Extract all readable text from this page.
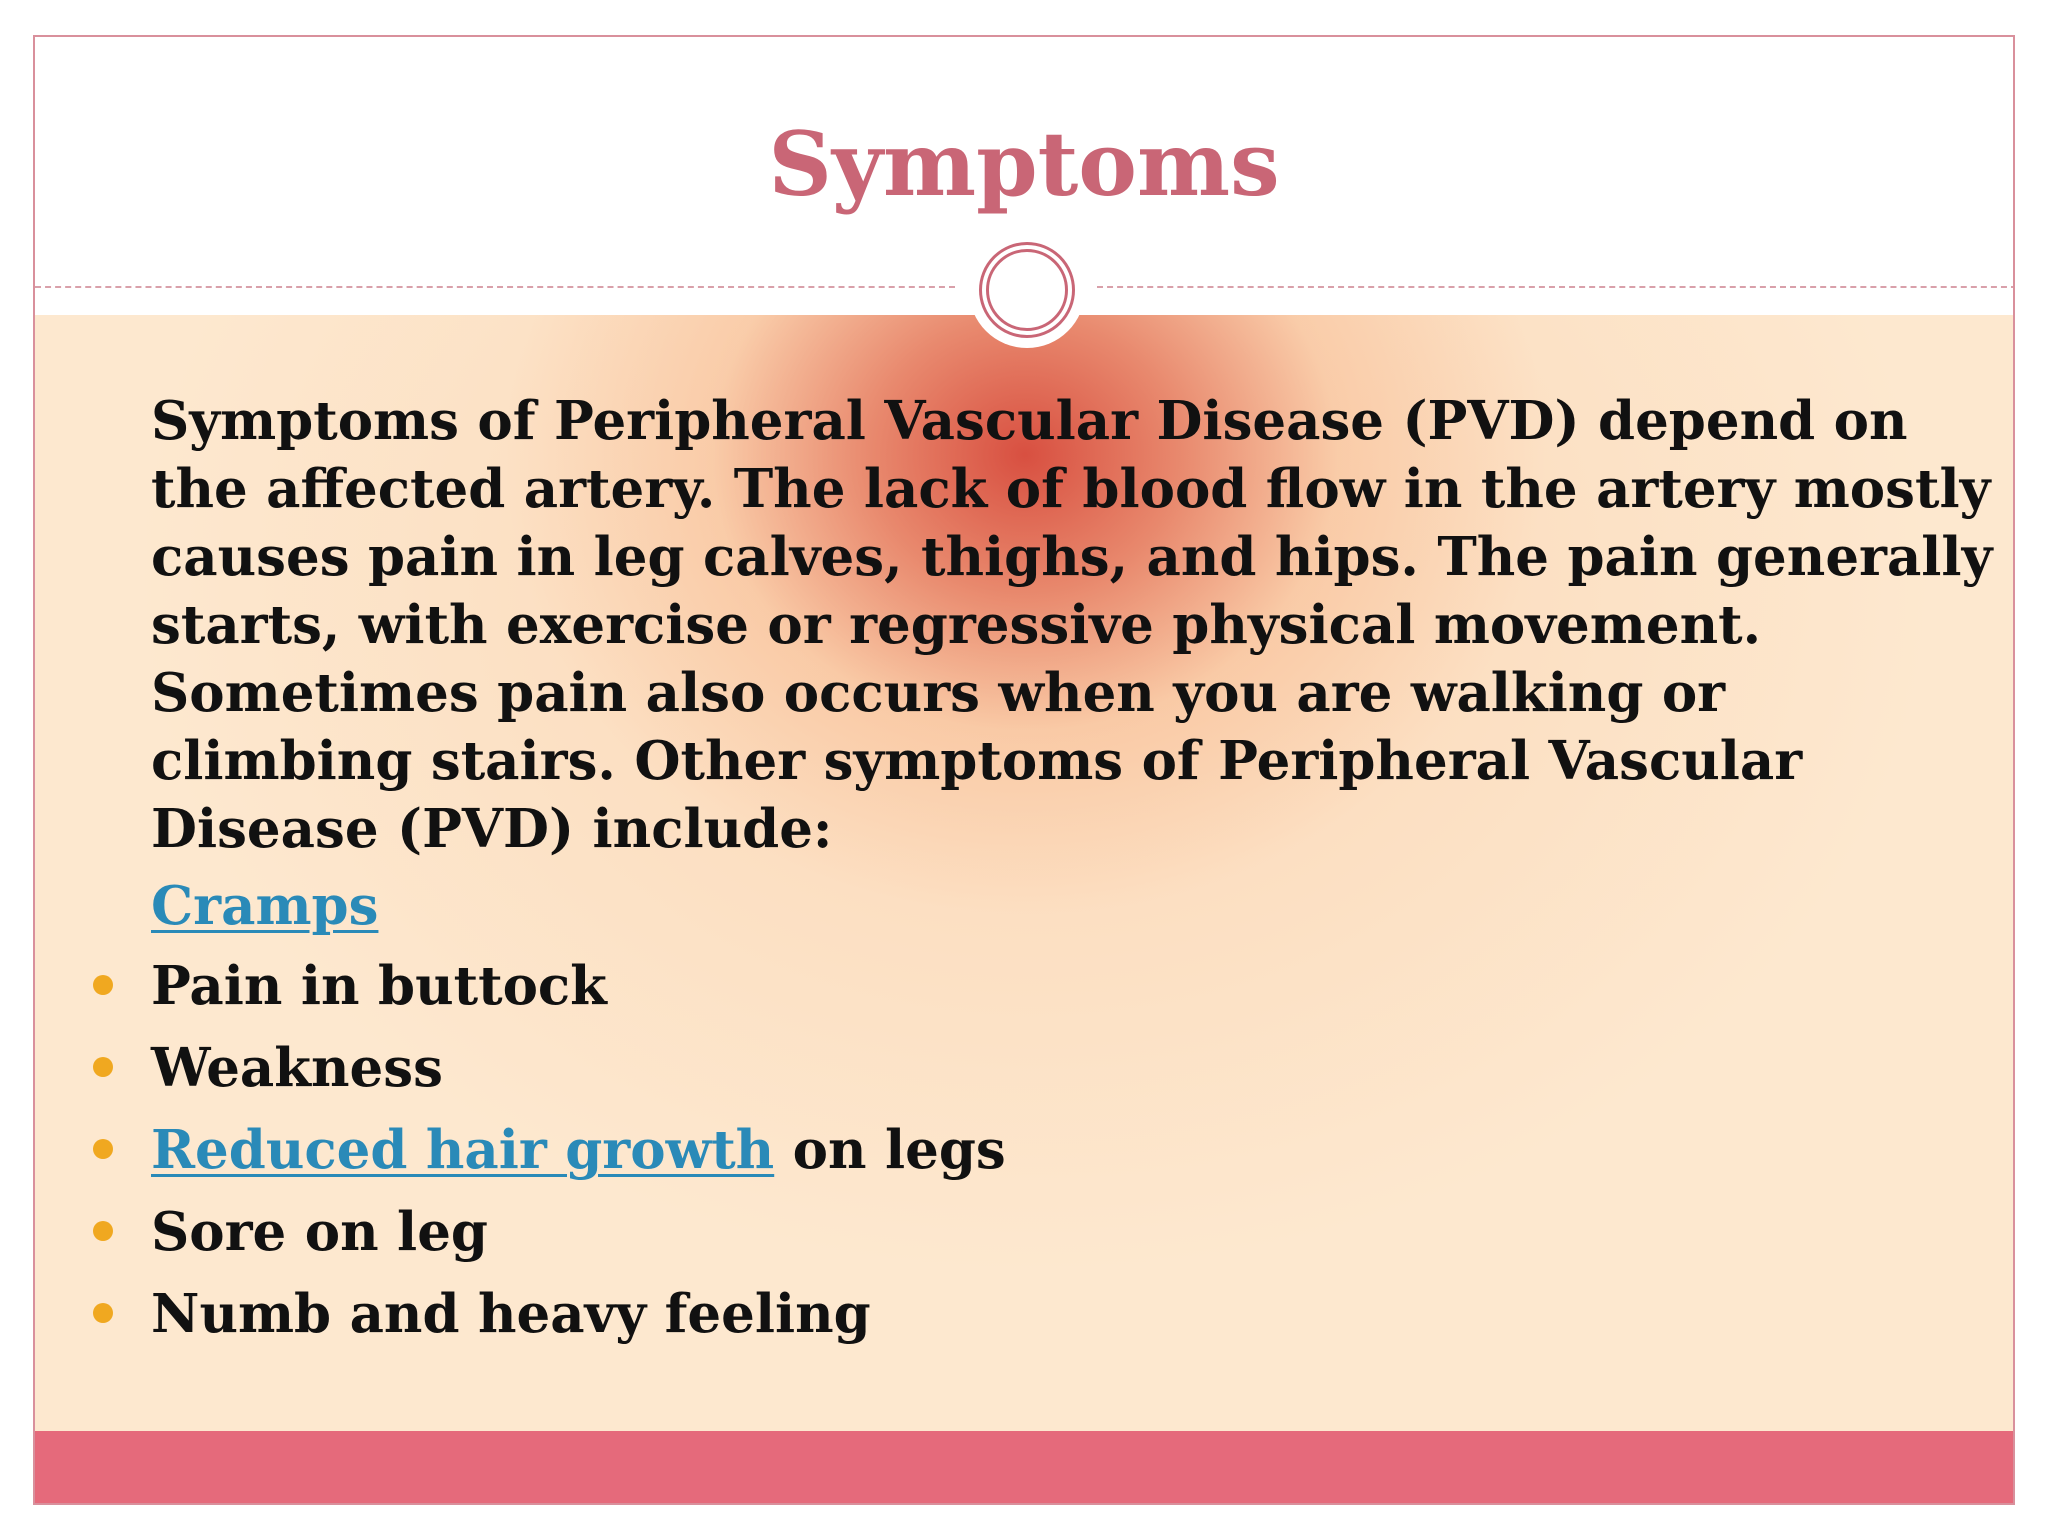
Symptoms

Symptoms of Peripheral Vascular Disease (PVD) depend on
the affected artery. The lack of blood flow in the artery mostly
causes pain in leg calves, thighs, and hips. The pain generally
starts, with exercise or regressive physical movement.
Sometimes pain also occurs when you are walking or
climbing stairs. Other symptoms of Peripheral Vascular
Disease (PVD) include:

Cramps

Pain in buttock
Weakness
Reduced hair growth on legs
Sore on leg
Numb and heavy feeling
